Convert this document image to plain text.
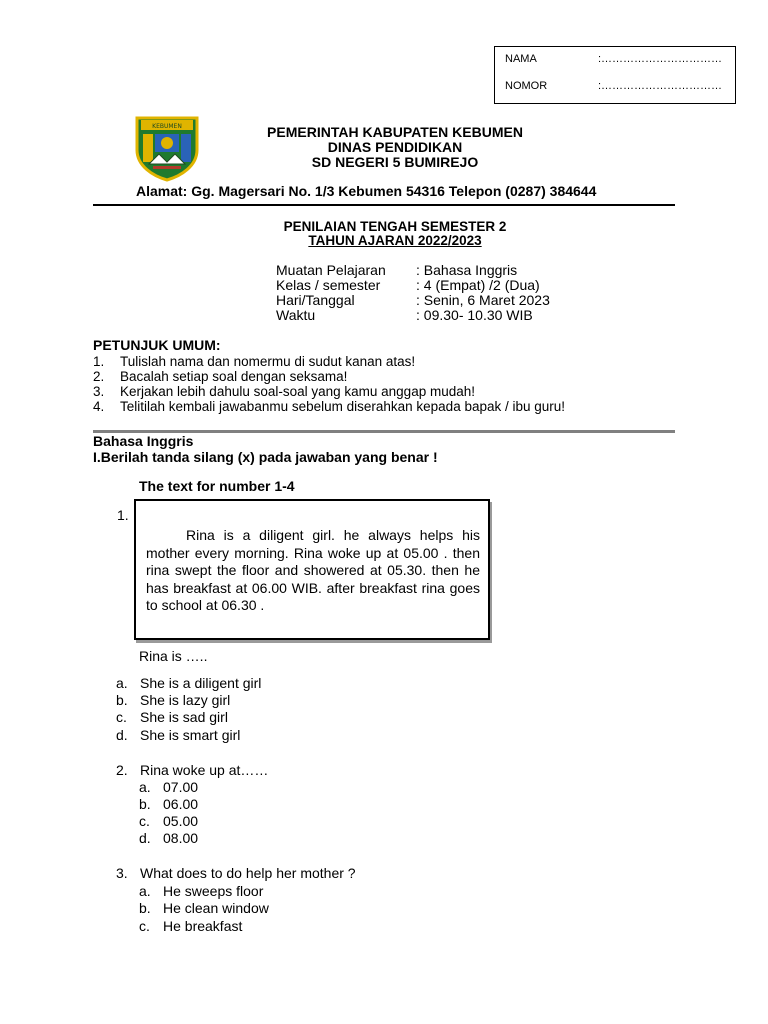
NAMA	:……………………………
NOMOR	:……………………………
KEBUMEN	PEMERINTAH KABUPATEN KEBUMEN
DINAS PENDIDIKAN
SD NEGERI 5 BUMIREJO
Alamat: Gg. Magersari No. 1/3 Kebumen 54316 Telepon (0287) 384644
PENILAIAN TENGAH SEMESTER 2
TAHUN AJARAN 2022/2023
Muatan Pelajaran	: Bahasa Inggris
Kelas / semester	: 4 (Empat) /2 (Dua)
Hari/Tanggal	: Senin, 6 Maret 2023
Waktu	: 09.30- 10.30 WIB
PETUNJUK UMUM:
1. Tulislah nama dan nomermu di sudut kanan atas!
2. Bacalah setiap soal dengan seksama!
3. Kerjakan lebih dahulu soal-soal yang kamu anggap mudah!
4. Telitilah kembali jawabanmu sebelum diserahkan kepada bapak / ibu guru!
Bahasa Inggris
I.Berilah tanda silang (x) pada jawaban yang benar !
The text for number 1-4
1.
Rina is a diligent girl. he always helps his mother every morning. Rina woke up at 05.00 . then rina swept the floor and showered at 05.30. then he has breakfast at 06.00 WIB. after breakfast rina goes to school at 06.30 .
Rina is …..
a. She is a diligent girl
b. She is lazy girl
c. She is sad girl
d. She is smart girl
2. Rina woke up at……
a. 07.00
b. 06.00
c. 05.00
d. 08.00
3. What does to do help her mother ?
a. He sweeps floor
b. He clean window
c. He breakfast
